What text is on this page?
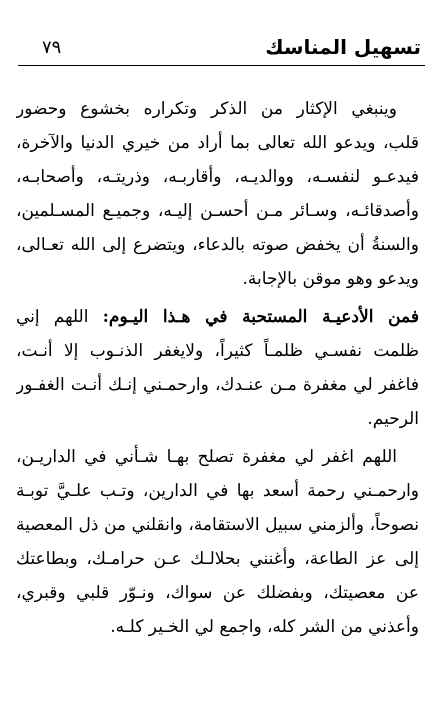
تسهيل المناسك
٧٩
وينبغي الإكثار من الذكر وتكراره بخشوع وحضور
قلب، ويدعو الله تعالى بما أراد من خيري الدنيا والآخرة،
فيدعـو لنفسـه، ووالديـه، وأقاربـه، وذريتـه، وأصحابـه،
وأصدقائـه، وسـائر مـن أحسـن إليـه، وجميـع المسـلمين،
والسنةُ أن يخفض صوته بالدعاء، ويتضرع إلى الله تعـالى،
ويدعو وهو موقن بالإجابة.
فمن الأدعيـة المستحبة في هـذا اليـوم: اللهم إني
ظلمت نفسـي ظلمـاً كثيراً، ولايغفر الذنـوب إلا أنـت،
فاغفر لي مغفرة مـن عنـدك، وارحمـني إنـك أنـت الغفـور
الرحيم.
اللهم اغفر لي مغفرة تصلح بهـا شـأني في الداريـن،
وارحمـني رحمة أسعد بها في الدارين، وتـب علـيَّ توبـة
نصوحاً، وألزمني سبيل الاستقامة، وانقلني من ذل المعصية
إلى عز الطاعة، وأغنني بحلالـك عـن حرامـك، وبطاعتك
عن معصيتك، وبفضلك عن سواك، ونـوّر قلبي وقبري،
وأعذني من الشر كله، واجمع لي الخـير كلـه.
